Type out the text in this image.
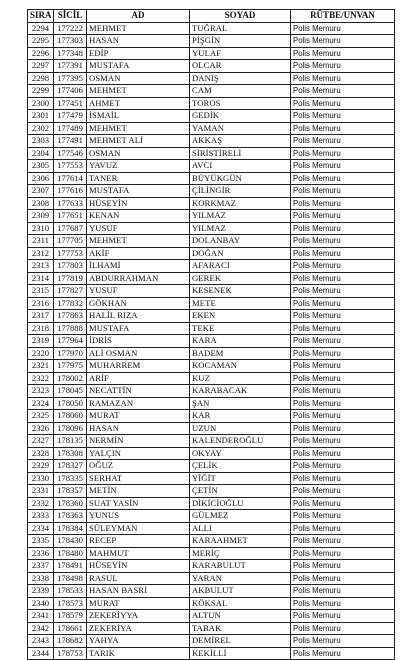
SIRA	SİCİL	AD	SOYAD	RÜTBE/UNVAN
2294	177222	MEHMET	TUĞRAL	Polis Memuru
2295	177303	HASAN	PİŞGİN	Polis Memuru
2296	177348	EDİP	YULAF	Polis Memuru
2297	177391	MUSTAFA	OLCAR	Polis Memuru
2298	177395	OSMAN	DANIŞ	Polis Memuru
2299	177406	MEHMET	CAM	Polis Memuru
2300	177451	AHMET	TOROS	Polis Memuru
2301	177479	İSMAİL	GEDİK	Polis Memuru
2302	177489	MEHMET	YAMAN	Polis Memuru
2303	177491	MEHMET ALİ	AKKAŞ	Polis Memuru
2304	177546	OSMAN	SİRİSTİRELİ	Polis Memuru
2305	177553	YAVUZ	AVCI	Polis Memuru
2306	177614	TANER	BÜYÜKGÜN	Polis Memuru
2307	177616	MUSTAFA	ÇİLİNGİR	Polis Memuru
2308	177633	HÜSEYİN	KORKMAZ	Polis Memuru
2309	177651	KENAN	YILMAZ	Polis Memuru
2310	177687	YUSUF	YILMAZ	Polis Memuru
2311	177705	MEHMET	DOLANBAY	Polis Memuru
2312	177753	AKİF	DOĞAN	Polis Memuru
2313	177803	İLHAMİ	AFARACI	Polis Memuru
2314	177819	ABDURRAHMAN	GEREK	Polis Memuru
2315	177827	YUSUF	KESENEK	Polis Memuru
2316	177832	GÖKHAN	METE	Polis Memuru
2317	177863	HALİL RIZA	EKEN	Polis Memuru
2318	177888	MUSTAFA	TEKE	Polis Memuru
2319	177964	İDRİS	KARA	Polis Memuru
2320	177970	ALİ OSMAN	BADEM	Polis Memuru
2321	177975	MUHARREM	KOCAMAN	Polis Memuru
2322	178002	ARİF	KUZ	Polis Memuru
2323	178045	NECATTİN	KARABACAK	Polis Memuru
2324	178050	RAMAZAN	ŞAN	Polis Memuru
2325	178060	MURAT	KAR	Polis Memuru
2326	178096	HASAN	UZUN	Polis Memuru
2327	178135	NERMİN	KALENDEROĞLU	Polis Memuru
2328	178308	YALÇIN	OKYAY	Polis Memuru
2329	178327	OĞUZ	ÇELİK	Polis Memuru
2330	178335	SERHAT	YİĞİT	Polis Memuru
2331	178357	METİN	ÇETİN	Polis Memuru
2332	178360	SUAT YASİN	DİKİCİOĞLU	Polis Memuru
2333	178363	YUNUS	GÜLMEZ	Polis Memuru
2334	178384	SÜLEYMAN	ALLI	Polis Memuru
2335	178430	RECEP	KARAAHMET	Polis Memuru
2336	178480	MAHMUT	MERİÇ	Polis Memuru
2337	178491	HÜSEYİN	KARABULUT	Polis Memuru
2338	178498	RASUL	YARAN	Polis Memuru
2339	178533	HASAN BASRİ	AKBULUT	Polis Memuru
2340	178573	MURAT	KÖKSAL	Polis Memuru
2341	178579	ZEKERİYYA	ALTUN	Polis Memuru
2342	178661	ZEKERİYA	TABAK	Polis Memuru
2343	178682	YAHYA	DEMİREL	Polis Memuru
2344	178753	TARIK	KEKİLLİ	Polis Memuru
